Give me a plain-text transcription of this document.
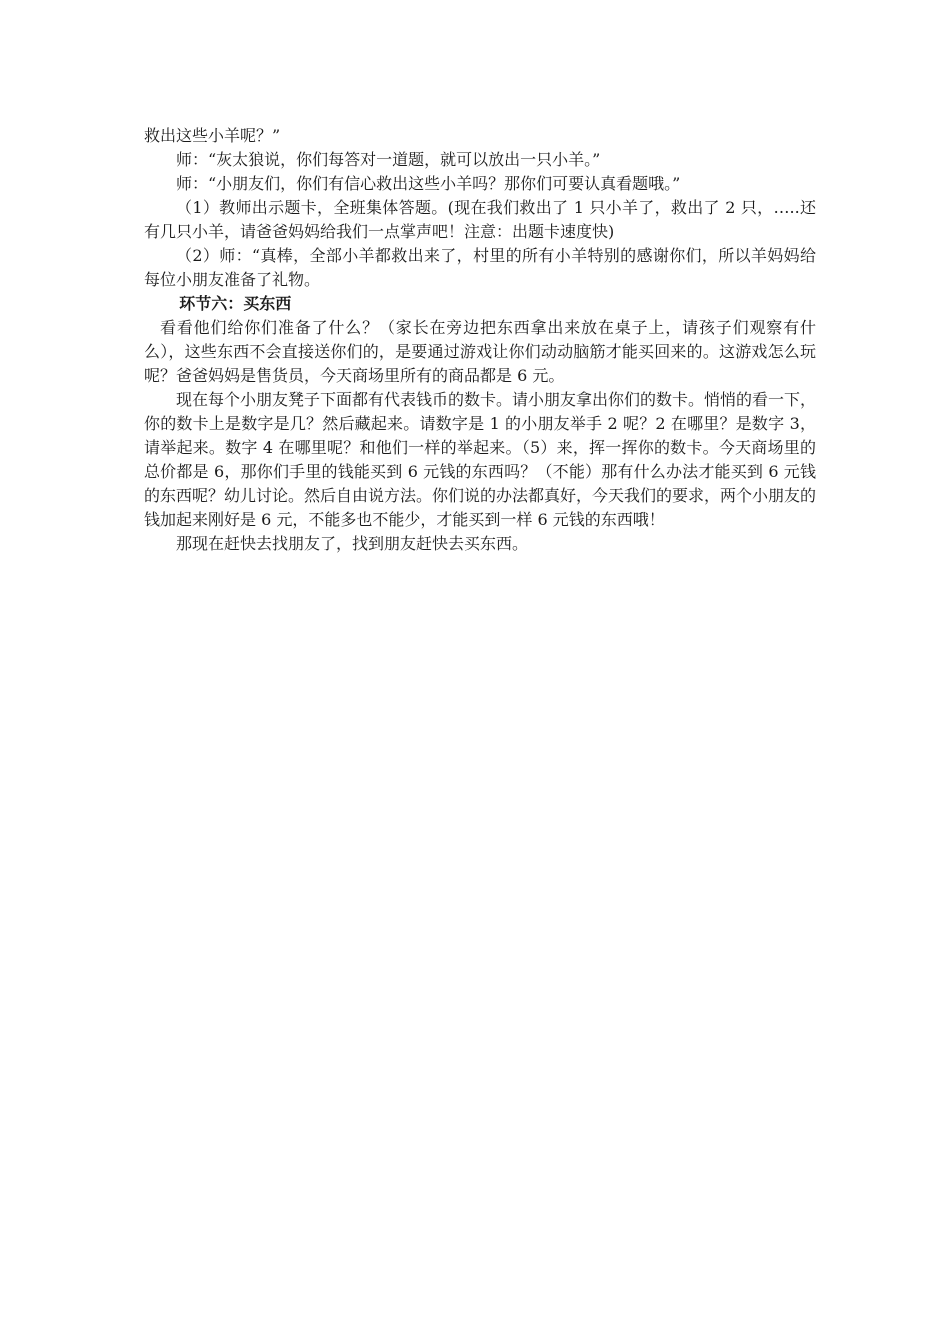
救出这些小羊呢？”

师：“灰太狼说，你们每答对一道题，就可以放出一只小羊。”

师：“小朋友们，你们有信心救出这些小羊吗？那你们可要认真看题哦。”

（1）教师出示题卡，全班集体答题。(现在我们救出了 1 只小羊了，救出了 2 只，…..还有几只小羊，请爸爸妈妈给我们一点掌声吧！注意：出题卡速度快)

（2）师：“真棒，全部小羊都救出来了，村里的所有小羊特别的感谢你们，所以羊妈妈给每位小朋友准备了礼物。

环节六：买东西

看看他们给你们准备了什么？（家长在旁边把东西拿出来放在桌子上，请孩子们观察有什么），这些东西不会直接送你们的，是要通过游戏让你们动动脑筋才能买回来的。这游戏怎么玩呢？爸爸妈妈是售货员，今天商场里所有的商品都是 6 元。

现在每个小朋友凳子下面都有代表钱币的数卡。请小朋友拿出你们的数卡。悄悄的看一下，你的数卡上是数字是几？然后藏起来。请数字是 1 的小朋友举手 2 呢？2 在哪里？是数字 3，请举起来。数字 4 在哪里呢？和他们一样的举起来。（5）来，挥一挥你的数卡。今天商场里的总价都是 6，那你们手里的钱能买到 6 元钱的东西吗？（不能）那有什么办法才能买到 6 元钱的东西呢？幼儿讨论。然后自由说方法。你们说的办法都真好，今天我们的要求，两个小朋友的钱加起来刚好是 6 元，不能多也不能少，才能买到一样 6 元钱的东西哦！

那现在赶快去找朋友了，找到朋友赶快去买东西。
